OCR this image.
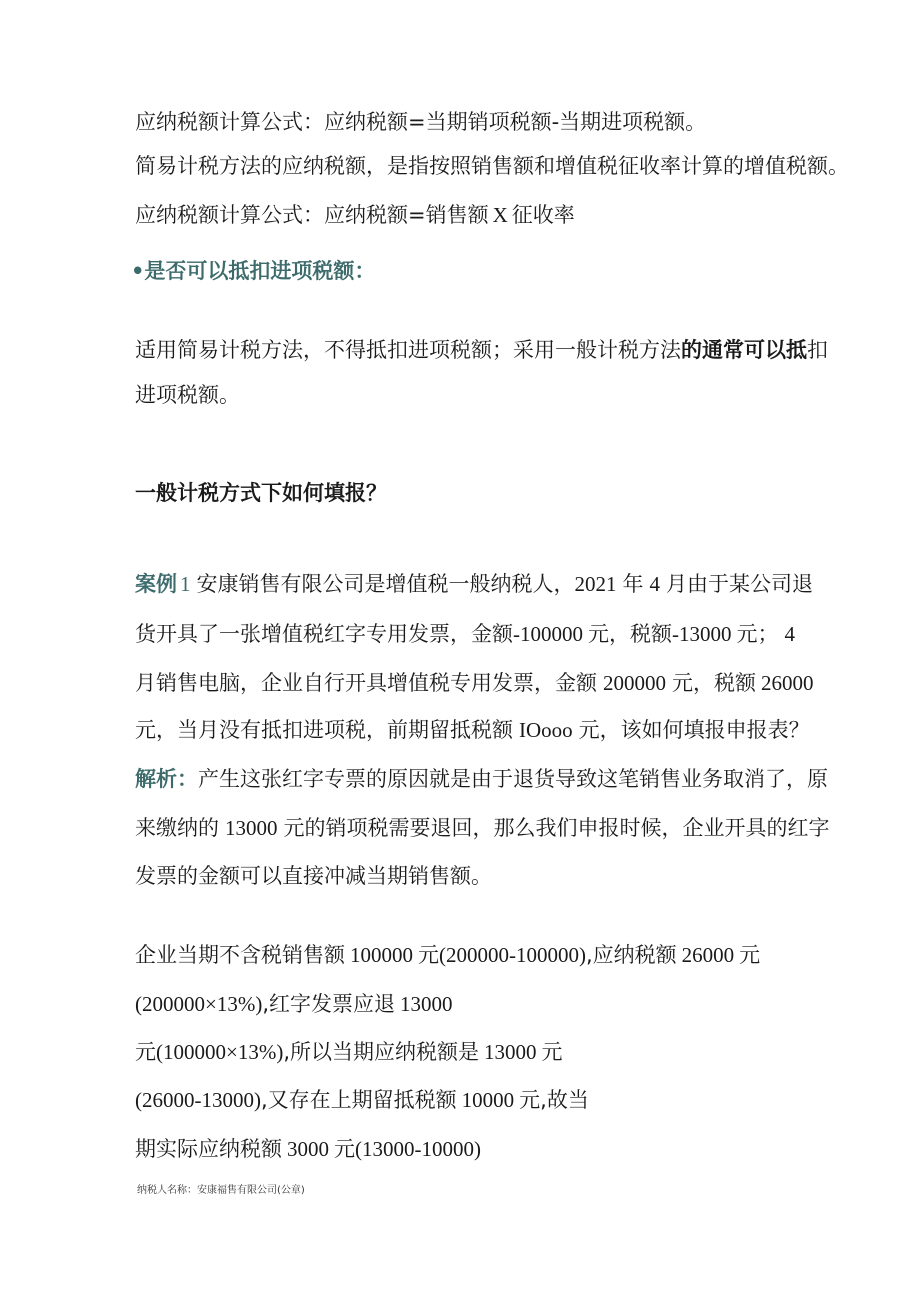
应纳税额计算公式：应纳税额=当期销项税额-当期进项税额。

简易计税方法的应纳税额，是指按照销售额和增值税征收率计算的增值税额。

应纳税额计算公式：应纳税额=销售额 X 征收率

•是否可以抵扣进项税额：

适用简易计税方法，不得抵扣进项税额；采用一般计税方法的通常可以抵扣

进项税额。

一般计税方式下如何填报？

案例 1 安康销售有限公司是增值税一般纳税人，2021 年 4 月由于某公司退

货开具了一张增值税红字专用发票，金额-100000 元，税额-13000 元； 4

月销售电脑，企业自行开具增值税专用发票，金额 200000 元，税额 26000

元，当月没有抵扣进项税，前期留抵税额 IOooo 元，该如何填报申报表？

解析：产生这张红字专票的原因就是由于退货导致这笔销售业务取消了，原

来缴纳的 13000 元的销项税需要退回，那么我们申报时候，企业开具的红字

发票的金额可以直接冲减当期销售额。

企业当期不含税销售额 100000 元(200000-100000),应纳税额 26000 元

(200000×13%),红字发票应退 13000

元(100000×13%),所以当期应纳税额是 13000 元

(26000-13000),又存在上期留抵税额 10000 元,故当

期实际应纳税额 3000 元(13000-10000)

纳税人名称：安康福售有限公司(公章)
